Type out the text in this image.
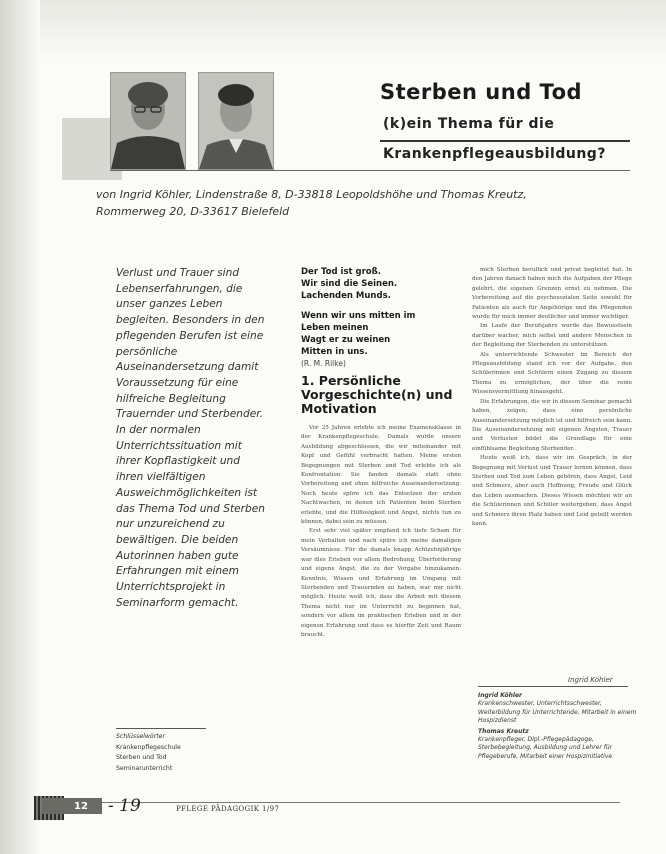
Sterben und Tod
(k)ein Thema für die
Krankenpflegeausbildung?
von Ingrid Köhler, Lindenstraße 8, D-33818 Leopoldshöhe und Thomas Kreutz, Rommerweg 20, D-33617 Bielefeld
Verlust und Trauer sind Lebenserfahrungen, die unser ganzes Leben begleiten. Besonders in den pflegenden Berufen ist eine persönliche Auseinandersetzung damit Voraussetzung für eine hilfreiche Begleitung Trauernder und Sterbender. In der normalen Unterrichtssituation mit ihrer Kopflastigkeit und ihren vielfältigen Ausweichmöglichkeiten ist das Thema Tod und Sterben nur unzureichend zu bewältigen. Die beiden Autorinnen haben gute Erfahrungen mit einem Unterrichtsprojekt in Seminarform gemacht.
Der Tod ist groß.
Wir sind die Seinen.
Lachenden Munds.
Wenn wir uns mitten im
Leben meinen
Wagt er zu weinen
Mitten in uns.
(R. M. Rilke)
1. Persönliche Vorgeschichte(n) und Motivation

Vor 25 Jahren erlebte ich meine Examensklasse in der Krankenpflegeschule. Damals wurde unsere Ausbildung abgeschlossen, die wir miteinander mit Kopf und Gefühl verbracht hatten. Meine ersten Begegnungen mit Sterben und Tod erlebte ich als Konfrontation. Sie fanden damals statt ohne Vorbereitung und ohne hilfreiche Auseinandersetzung. Noch heute spüre ich das Entsetzen der ersten Nachtwachen, in denen ich Patienten beim Sterben erlebte, und die Hilflosigkeit und Angst, nichts tun zu können, dabei sein zu müssen.

Erst sehr viel später empfand ich tiefe Scham für mein Verhalten und nach spüre ich meine damaligen Versäumnisse. Für die damals knapp Achtzehnjährige war dies Erleben vor allem Bedrohung, Überforderung und eigene Angst, die zu der Vorgabe hinzukamen. Kenntnis, Wissen und Erfahrung im Umgang mit Sterbenden und Trauernden zu haben, war mir nicht möglich. Heute weiß ich, dass die Arbeit mit diesem Thema nicht nur im Unterricht zu beginnen hat, sondern vor allem im praktischen Erleben und in der eigenen Erfahrung und dass es hierfür Zeit und Raum braucht.

mich Sterben beruflich und privat begleitet hat. In den Jahren danach haben mich die Aufgaben der Pflege gelehrt, die eigenen Grenzen ernst zu nehmen. Die Vorbereitung auf die psychosozialen Seite sowohl für Patienten als auch für Angehörige und die Pflegenden wurde für mich immer deutlicher und immer wichtiger.

Im Laufe der Berufsjahre wurde das Bewusstsein darüber wacher, mich selbst und andere Menschen in der Begleitung der Sterbenden zu unterstützen.

Als unterrichtende Schwester im Bereich der Pflegeausbildung stand ich vor der Aufgabe, den Schülerinnen und Schülern einen Zugang zu diesem Thema zu ermöglichen, der über die reine Wissensvermittlung hinausgeht.

Die Erfahrungen, die wir in diesem Seminar gemacht haben, zeigen, dass eine persönliche Auseinandersetzung möglich ist und hilfreich sein kann. Die Auseinandersetzung mit eigenen Ängsten, Trauer und Verlusten bildet die Grundlage für eine einfühlsame Begleitung Sterbender.

Heute weiß ich, dass wir im Gespräch, in der Begegnung mit Verlust und Trauer lernen können, dass Sterben und Tod zum Leben gehören, dass Angst, Leid und Schmerz, aber auch Hoffnung, Freude und Glück das Leben ausmachen. Dieses Wissen möchten wir an die Schülerinnen und Schüler weitergeben, dass Angst und Schmerz ihren Platz haben und Leid geteilt werden kann.

Ingrid Köhler
Ingrid Köhler
Krankenschwester, Unterrichtsschwester, Weiterbildung für Unterrichtende, Mitarbeit in einem Hospizdienst
Thomas Kreutz
Krankenpfleger, Dipl.-Pflegepädagoge, Sterbebegleitung, Ausbildung und Lehrer für Pflegeberufe, Mitarbeit einer Hospizinitiative
Schlüsselwörter
Krankenpflegeschule
Sterben und Tod
Seminarunterricht
12 - 19	PFLEGE PÄDAGOGIK 1/97
